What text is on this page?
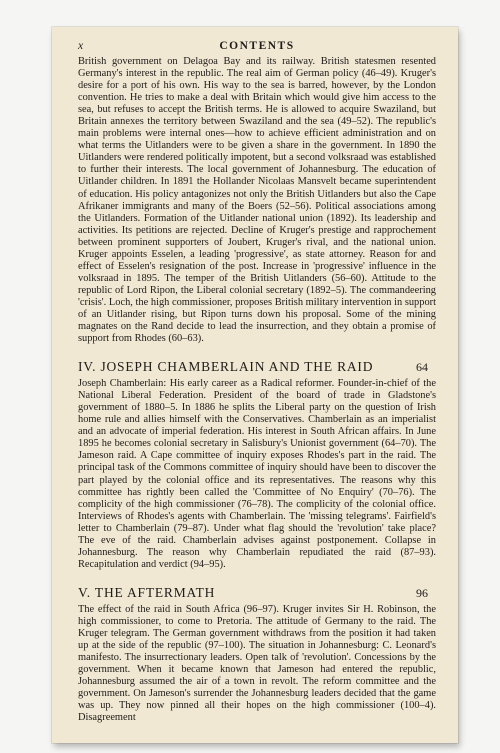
x	CONTENTS

British government on Delagoa Bay and its railway. British statesmen resented Germany's interest in the republic. The real aim of German policy (46–49). Kruger's desire for a port of his own. His way to the sea is barred, however, by the London convention. He tries to make a deal with Britain which would give him access to the sea, but refuses to accept the British terms. He is allowed to acquire Swaziland, but Britain annexes the territory between Swaziland and the sea (49–52). The republic's main problems were internal ones—how to achieve efficient administration and on what terms the Uitlanders were to be given a share in the government. In 1890 the Uitlanders were rendered politically impotent, but a second volksraad was established to further their interests. The local government of Johannesburg. The education of Uitlander children. In 1891 the Hollander Nicolaas Mansvelt became superintendent of education. His policy antagonizes not only the British Uitlanders but also the Cape Afrikaner immigrants and many of the Boers (52–56). Political associations among the Uitlanders. Formation of the Uitlander national union (1892). Its leadership and activities. Its petitions are rejected. Decline of Kruger's prestige and rapprochement between prominent supporters of Joubert, Kruger's rival, and the national union. Kruger appoints Esselen, a leading 'progressive', as state attorney. Reason for and effect of Esselen's resignation of the post. Increase in 'progressive' influence in the volksraad in 1895. The temper of the British Uitlanders (56–60). Attitude to the republic of Lord Ripon, the Liberal colonial secretary (1892–5). The commandeering 'crisis'. Loch, the high commissioner, proposes British military intervention in support of an Uitlander rising, but Ripon turns down his proposal. Some of the mining magnates on the Rand decide to lead the insurrection, and they obtain a promise of support from Rhodes (60–63).

IV. JOSEPH CHAMBERLAIN AND THE RAID	64

Joseph Chamberlain: His early career as a Radical reformer. Founder-in-chief of the National Liberal Federation. President of the board of trade in Gladstone's government of 1880–5. In 1886 he splits the Liberal party on the question of Irish home rule and allies himself with the Conservatives. Chamberlain as an imperialist and an advocate of imperial federation. His interest in South African affairs. In June 1895 he becomes colonial secretary in Salisbury's Unionist government (64–70). The Jameson raid. A Cape committee of inquiry exposes Rhodes's part in the raid. The principal task of the Commons committee of inquiry should have been to discover the part played by the colonial office and its representatives. The reasons why this committee has rightly been called the 'Committee of No Enquiry' (70–76). The complicity of the high commissioner (76–78). The complicity of the colonial office. Interviews of Rhodes's agents with Chamberlain. The 'missing telegrams'. Fairfield's letter to Chamberlain (79–87). Under what flag should the 'revolution' take place? The eve of the raid. Chamberlain advises against postponement. Collapse in Johannesburg. The reason why Chamberlain repudiated the raid (87–93). Recapitulation and verdict (94–95).

V. THE AFTERMATH	96

The effect of the raid in South Africa (96–97). Kruger invites Sir H. Robinson, the high commissioner, to come to Pretoria. The attitude of Germany to the raid. The Kruger telegram. The German government withdraws from the position it had taken up at the side of the republic (97–100). The situation in Johannesburg: C. Leonard's manifesto. The insurrectionary leaders. Open talk of 'revolution'. Concessions by the government. When it became known that Jameson had entered the republic, Johannesburg assumed the air of a town in revolt. The reform committee and the government. On Jameson's surrender the Johannesburg leaders decided that the game was up. They now pinned all their hopes on the high commissioner (100–4). Disagreement
